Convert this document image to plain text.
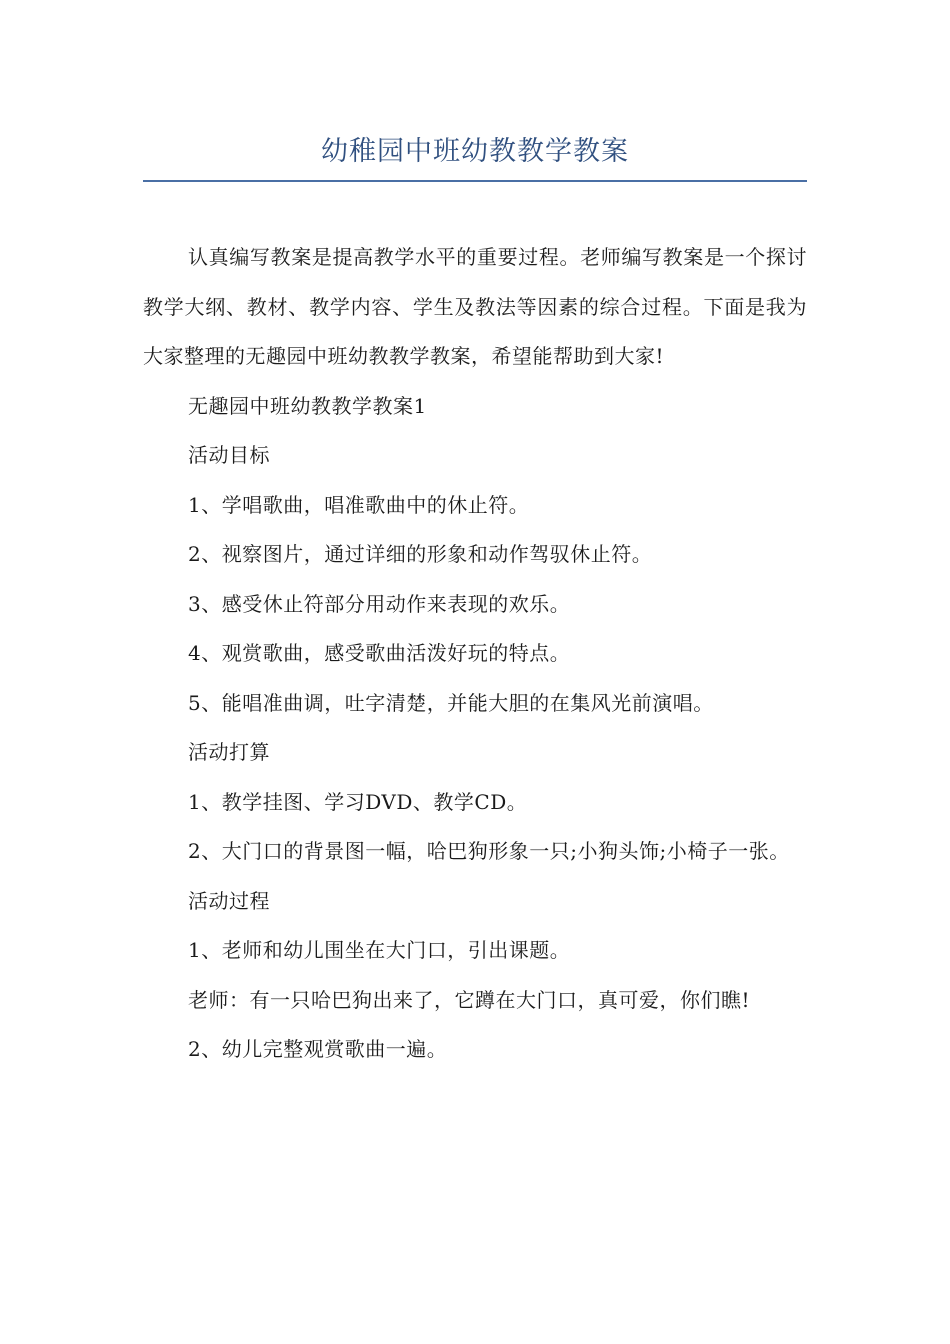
幼稚园中班幼教教学教案

认真编写教案是提高教学水平的重要过程。老师编写教案是一个探讨教学大纲、教材、教学内容、学生及教法等因素的综合过程。下面是我为大家整理的无趣园中班幼教教学教案，希望能帮助到大家!

无趣园中班幼教教学教案1

活动目标

1、学唱歌曲，唱准歌曲中的休止符。

2、视察图片，通过详细的形象和动作驾驭休止符。

3、感受休止符部分用动作来表现的欢乐。

4、观赏歌曲，感受歌曲活泼好玩的特点。

5、能唱准曲调，吐字清楚，并能大胆的在集风光前演唱。

活动打算

1、教学挂图、学习DVD、教学CD。

2、大门口的背景图一幅，哈巴狗形象一只;小狗头饰;小椅子一张。

活动过程

1、老师和幼儿围坐在大门口，引出课题。

老师：有一只哈巴狗出来了，它蹲在大门口，真可爱，你们瞧!

2、幼儿完整观赏歌曲一遍。
